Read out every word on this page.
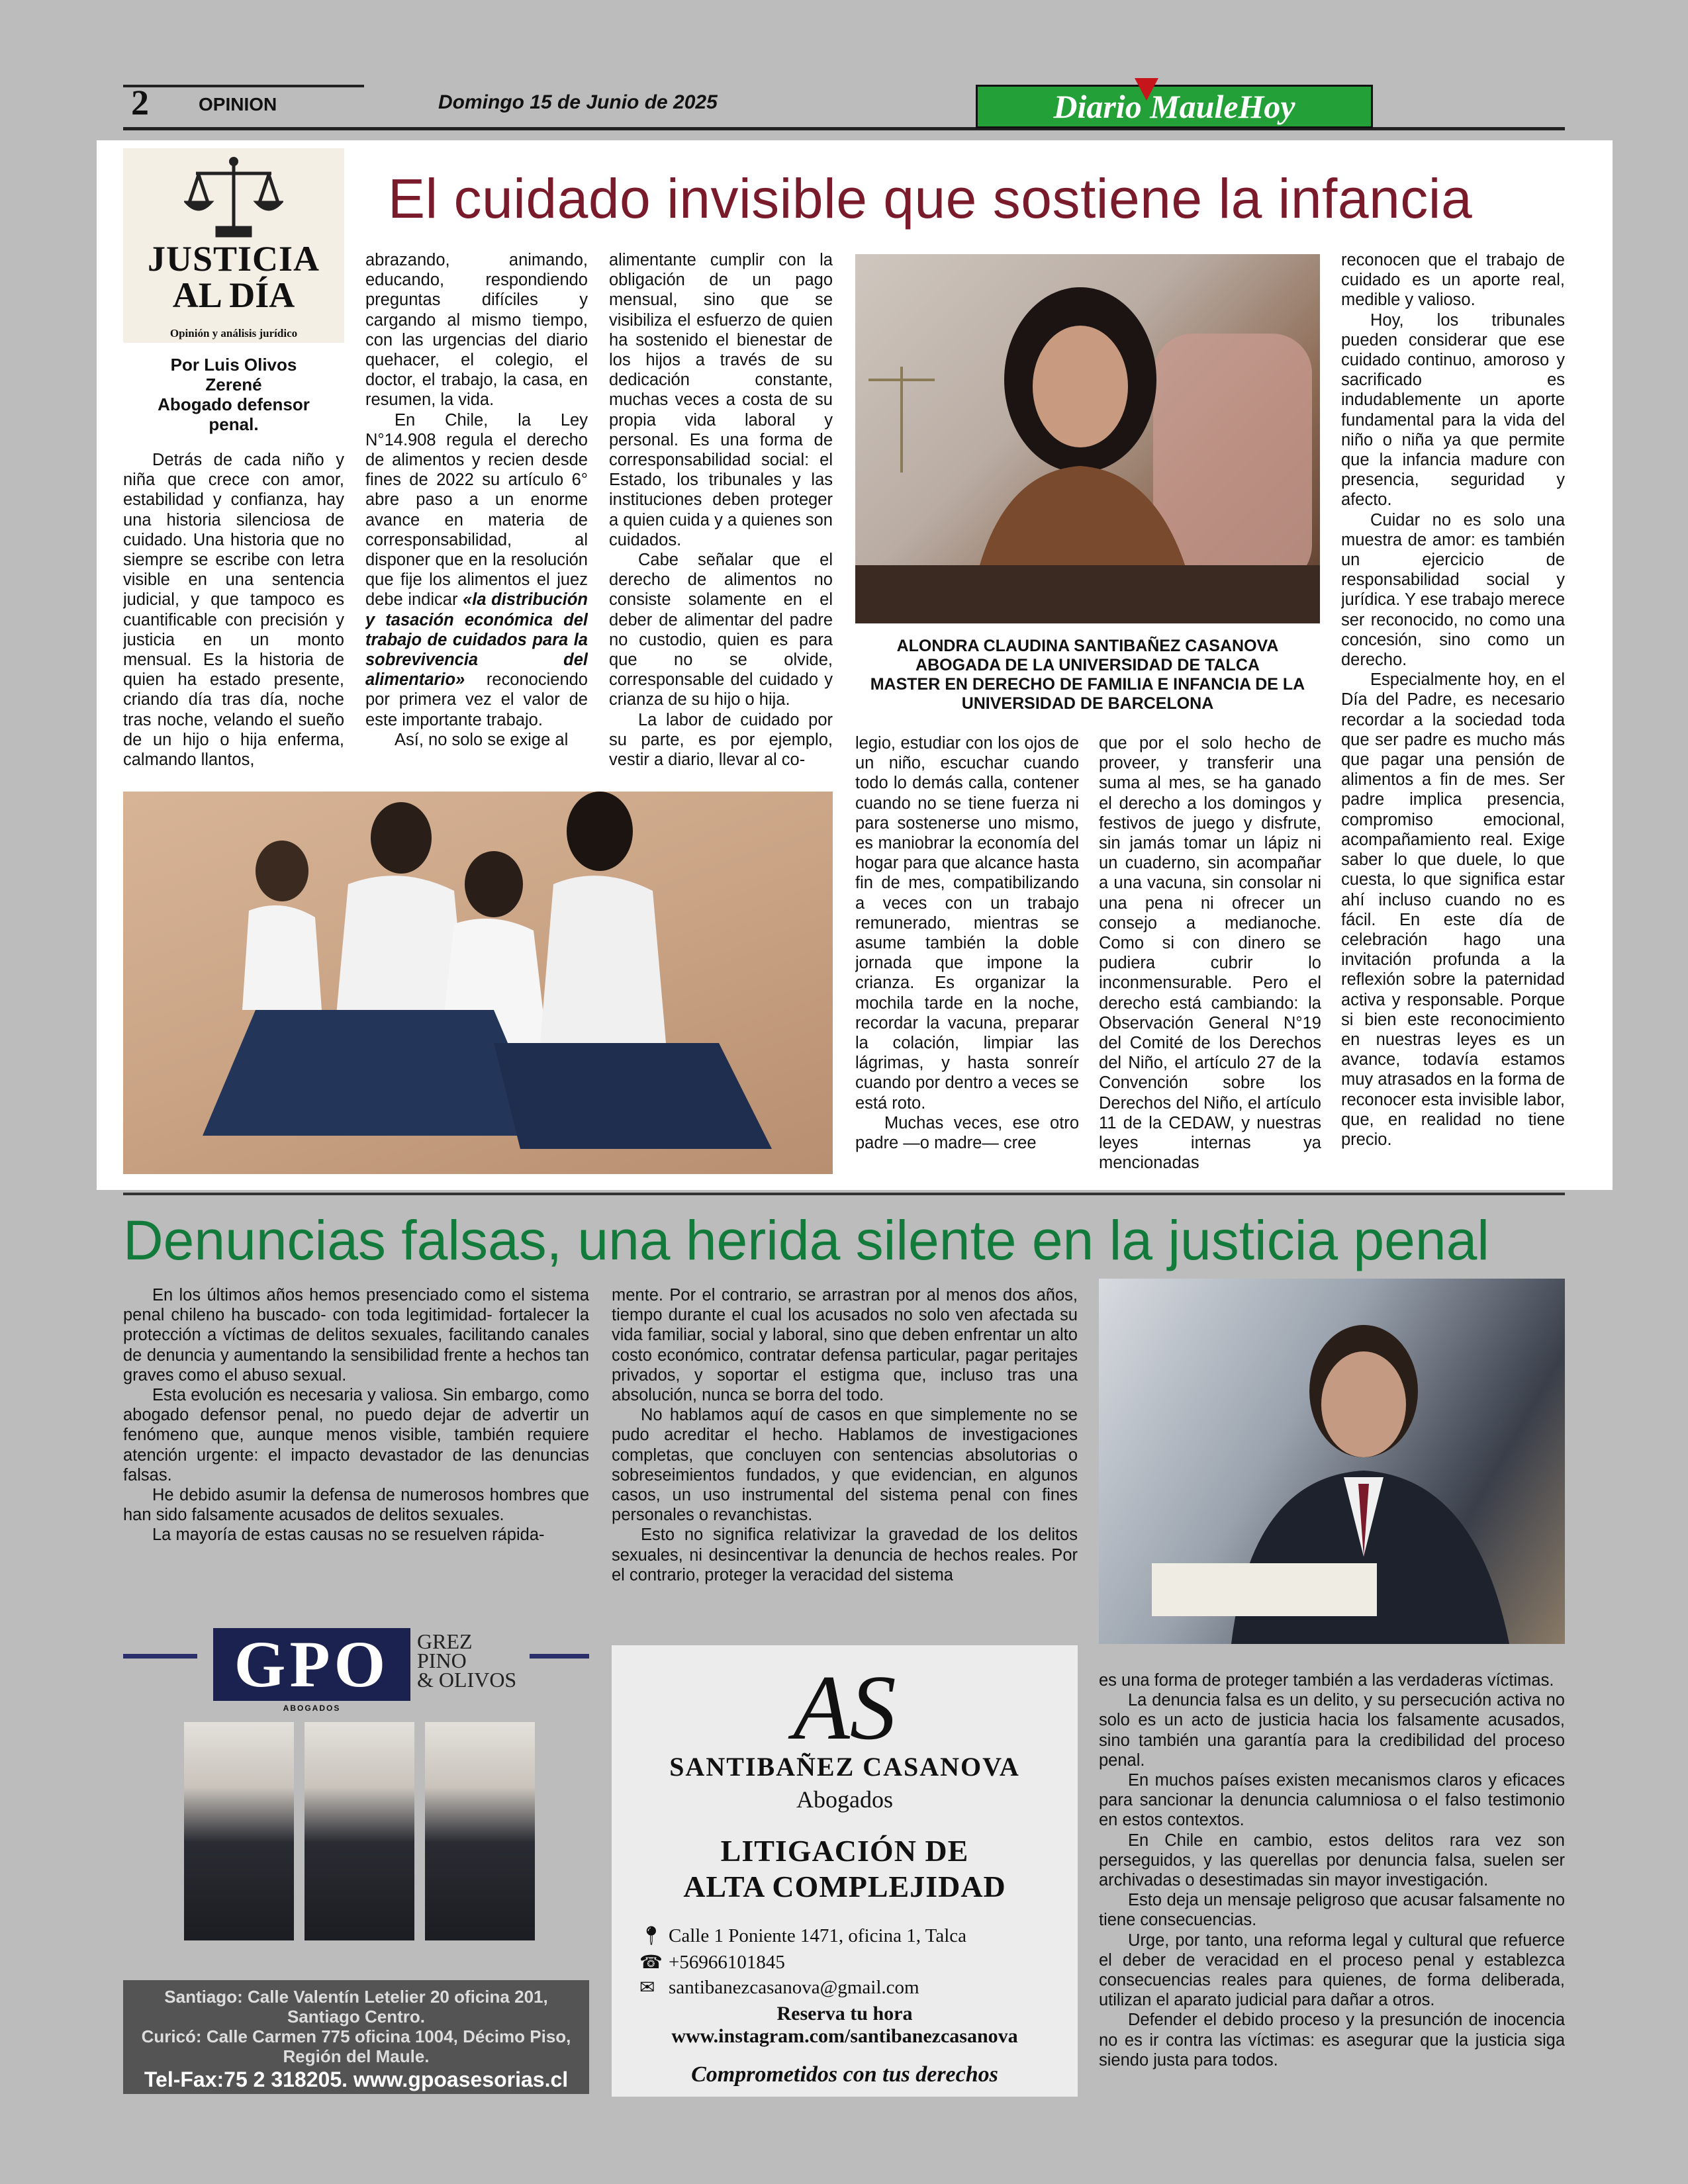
2	OPINION	Domingo 15 de Junio de 2025	Diario MauleHoy
JUSTICIA
AL DÍA
Opinión y análisis jurídico
El cuidado invisible que sostiene la infancia
Por Luis Olivos
Zerené
Abogado defensor
penal.

Detrás de cada niño y niña que crece con amor, estabilidad y confianza, hay una historia silenciosa de cuidado. Una historia que no siempre se escribe con letra visible en una sentencia judicial, y que tampoco es cuantificable con precisión y justicia en un monto mensual. Es la historia de quien ha estado presente, criando día tras día, noche tras noche, velando el sueño de un hijo o hija enferma, calmando llantos,

abrazando, animando, educando, respondiendo preguntas difíciles y cargando al mismo tiempo, con las urgencias del diario quehacer, el colegio, el doctor, el trabajo, la casa, en resumen, la vida.

En Chile, la Ley N°14.908 regula el derecho de alimentos y recien desde fines de 2022 su artículo 6° abre paso a un enorme avance en materia de corresponsabilidad, al disponer que en la resolución que fije los alimentos el juez debe indicar «la distribución y tasación económica del trabajo de cuidados para la sobrevivencia del alimentario» reconociendo por primera vez el valor de este importante trabajo.

Así, no solo se exige al

alimentante cumplir con la obligación de un pago mensual, sino que se visibiliza el esfuerzo de quien ha sostenido el bienestar de los hijos a través de su dedicación constante, muchas veces a costa de su propia vida laboral y personal. Es una forma de corresponsabilidad social: el Estado, los tribunales y las instituciones deben proteger a quien cuida y a quienes son cuidados.

Cabe señalar que el derecho de alimentos no consiste solamente en el deber de alimentar del padre no custodio, quien es para que no se olvide, corresponsable del cuidado y crianza de su hijo o hija.

La labor de cuidado por su parte, es por ejemplo, vestir a diario, llevar al co-

ALONDRA CLAUDINA SANTIBAÑEZ CASANOVA
ABOGADA DE LA UNIVERSIDAD DE TALCA
MASTER EN DERECHO DE FAMILIA E INFANCIA DE LA
UNIVERSIDAD DE BARCELONA

legio, estudiar con los ojos de un niño, escuchar cuando todo lo demás calla, contener cuando no se tiene fuerza ni para sostenerse uno mismo, es maniobrar la economía del hogar para que alcance hasta fin de mes, compatibilizando a veces con un trabajo remunerado, mientras se asume también la doble jornada que impone la crianza. Es organizar la mochila tarde en la noche, recordar la vacuna, preparar la colación, limpiar las lágrimas, y hasta sonreír cuando por dentro a veces se está roto.

Muchas veces, ese otro padre —o madre— cree

que por el solo hecho de proveer, y transferir una suma al mes, se ha ganado el derecho a los domingos y festivos de juego y disfrute, sin jamás tomar un lápiz ni un cuaderno, sin acompañar a una vacuna, sin consolar ni una pena ni ofrecer un consejo a medianoche. Como si con dinero se pudiera cubrir lo inconmensurable. Pero el derecho está cambiando: la Observación General N°19 del Comité de los Derechos del Niño, el artículo 27 de la Convención sobre los Derechos del Niño, el artículo 11 de la CEDAW, y nuestras leyes internas ya mencionadas

reconocen que el trabajo de cuidado es un aporte real, medible y valioso.

Hoy, los tribunales pueden considerar que ese cuidado continuo, amoroso y sacrificado es indudablemente un aporte fundamental para la vida del niño o niña ya que permite que la infancia madure con presencia, seguridad y afecto.

Cuidar no es solo una muestra de amor: es también un ejercicio de responsabilidad social y jurídica. Y ese trabajo merece ser reconocido, no como una concesión, sino como un derecho.

Especialmente hoy, en el Día del Padre, es necesario recordar a la sociedad toda que ser padre es mucho más que pagar una pensión de alimentos a fin de mes. Ser padre implica presencia, compromiso emocional, acompañamiento real. Exige saber lo que duele, lo que cuesta, lo que significa estar ahí incluso cuando no es fácil. En este día de celebración hago una invitación profunda a la reflexión sobre la paternidad activa y responsable. Porque si bien este reconocimiento en nuestras leyes es un avance, todavía estamos muy atrasados en la forma de reconocer esta invisible labor, que, en realidad no tiene precio.

Denuncias falsas, una herida silente en la justicia penal

En los últimos años hemos presenciado como el sistema penal chileno ha buscado- con toda legitimidad- fortalecer la protección a víctimas de delitos sexuales, facilitando canales de denuncia y aumentando la sensibilidad frente a hechos tan graves como el abuso sexual.

Esta evolución es necesaria y valiosa. Sin embargo, como abogado defensor penal, no puedo dejar de advertir un fenómeno que, aunque menos visible, también requiere atención urgente: el impacto devastador de las denuncias falsas.

He debido asumir la defensa de numerosos hombres que han sido falsamente acusados de delitos sexuales.

La mayoría de estas causas no se resuelven rápida-

mente. Por el contrario, se arrastran por al menos dos años, tiempo durante el cual los acusados no solo ven afectada su vida familiar, social y laboral, sino que deben enfrentar un alto costo económico, contratar defensa particular, pagar peritajes privados, y soportar el estigma que, incluso tras una absolución, nunca se borra del todo.

No hablamos aquí de casos en que simplemente no se pudo acreditar el hecho. Hablamos de investigaciones completas, que concluyen con sentencias absolutorias o sobreseimientos fundados, y que evidencian, en algunos casos, un uso instrumental del sistema penal con fines personales o revanchistas.

Esto no significa relativizar la gravedad de los delitos sexuales, ni desincentivar la denuncia de hechos reales. Por el contrario, proteger la veracidad del sistema

es una forma de proteger también a las verdaderas víctimas.

La denuncia falsa es un delito, y su persecución activa no solo es un acto de justicia hacia los falsamente acusados, sino también una garantía para la credibilidad del proceso penal.

En muchos países existen mecanismos claros y eficaces para sancionar la denuncia calumniosa o el falso testimonio en estos contextos.

En Chile en cambio, estos delitos rara vez son perseguidos, y las querellas por denuncia falsa, suelen ser archivadas o desestimadas sin mayor investigación.

Esto deja un mensaje peligroso que acusar falsamente no tiene consecuencias.

Urge, por tanto, una reforma legal y cultural que refuerce el deber de veracidad en el proceso penal y establezca consecuencias reales para quienes, de forma deliberada, utilizan el aparato judicial para dañar a otros.

Defender el debido proceso y la presunción de inocencia no es ir contra las víctimas: es asegurar que la justicia siga siendo justa para todos.

GPO
ABOGADOS
GREZ
PINO
& OLIVOS
Santiago: Calle Valentín Letelier 20 oficina 201,
Santiago Centro.
Curicó: Calle Carmen 775 oficina 1004, Décimo Piso,
Región del Maule.
Tel-Fax:75 2 318205. www.gpoasesorias.cl
AS
SANTIBAÑEZ CASANOVA
Abogados
LITIGACIÓN DE
ALTA COMPLEJIDAD
📍︎ Calle 1 Poniente 1471, oficina 1, Talca
☎ +56966101845
✉ santibanezcasanova@gmail.com
Reserva tu hora
www.instagram.com/santibanezcasanova
Comprometidos con tus derechos
